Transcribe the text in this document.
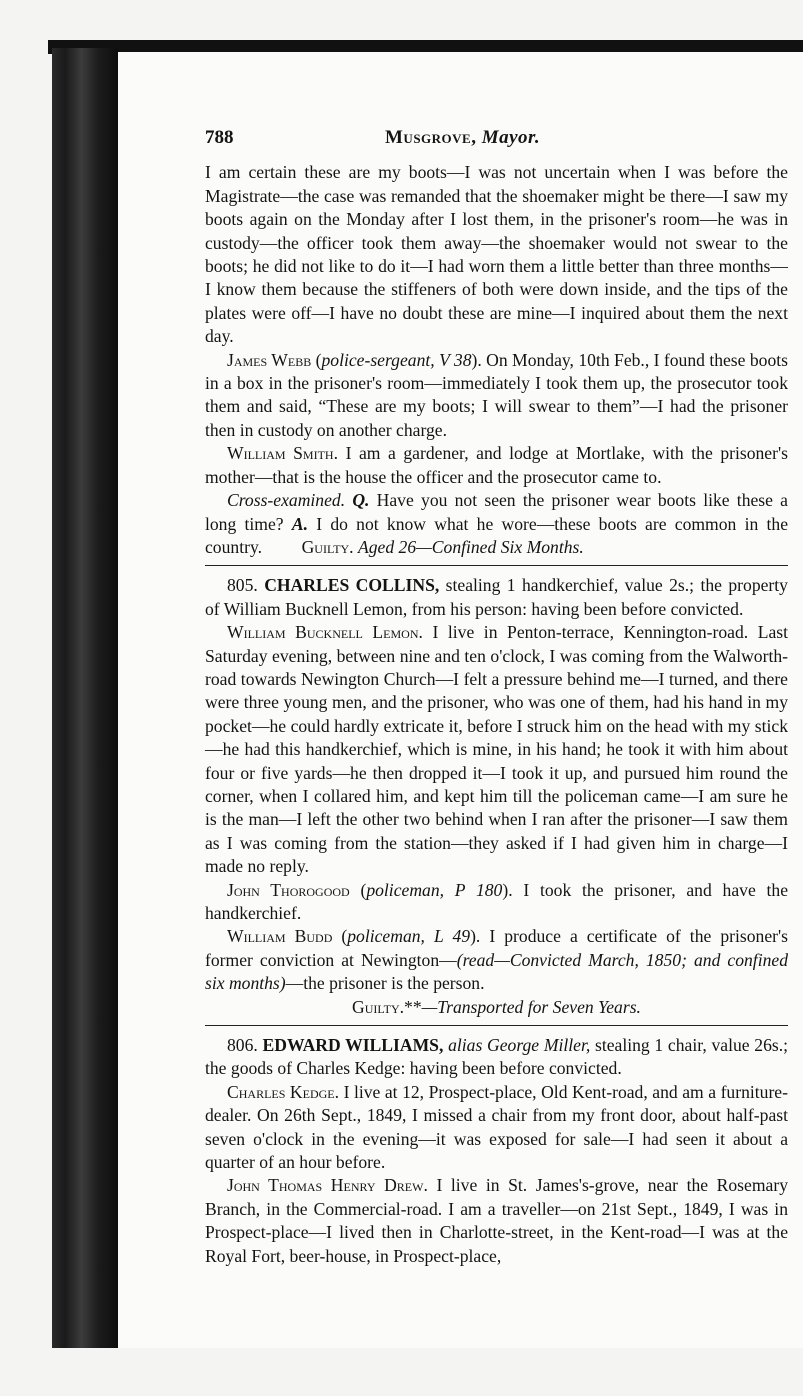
788	Musgrove, Mayor.

I am certain these are my boots—I was not uncertain when I was before the Magistrate—the case was remanded that the shoemaker might be there—I saw my boots again on the Monday after I lost them, in the prisoner's room—he was in custody—the officer took them away—the shoemaker would not swear to the boots; he did not like to do it—I had worn them a little better than three months—I know them because the stiffeners of both were down inside, and the tips of the plates were off—I have no doubt these are mine—I inquired about them the next day.

James Webb (police-sergeant, V 38). On Monday, 10th Feb., I found these boots in a box in the prisoner's room—immediately I took them up, the prosecutor took them and said, “These are my boots; I will swear to them”—I had the prisoner then in custody on another charge.

William Smith. I am a gardener, and lodge at Mortlake, with the prisoner's mother—that is the house the officer and the prosecutor came to.

Cross-examined. Q. Have you not seen the prisoner wear boots like these a long time? A. I do not know what he wore—these boots are common in the country. Guilty. Aged 26—Confined Six Months.

805. CHARLES COLLINS, stealing 1 handkerchief, value 2s.; the property of William Bucknell Lemon, from his person: having been before convicted.

William Bucknell Lemon. I live in Penton-terrace, Kennington-road. Last Saturday evening, between nine and ten o'clock, I was coming from the Walworth-road towards Newington Church—I felt a pressure behind me—I turned, and there were three young men, and the prisoner, who was one of them, had his hand in my pocket—he could hardly extricate it, before I struck him on the head with my stick—he had this handkerchief, which is mine, in his hand; he took it with him about four or five yards—he then dropped it—I took it up, and pursued him round the corner, when I collared him, and kept him till the policeman came—I am sure he is the man—I left the other two behind when I ran after the prisoner—I saw them as I was coming from the station—they asked if I had given him in charge—I made no reply.

John Thorogood (policeman, P 180). I took the prisoner, and have the handkerchief.

William Budd (policeman, L 49). I produce a certificate of the prisoner's former conviction at Newington—(read—Convicted March, 1850; and confined six months)—the prisoner is the person.

Guilty.**—Transported for Seven Years.

806. EDWARD WILLIAMS, alias George Miller, stealing 1 chair, value 26s.; the goods of Charles Kedge: having been before convicted.

Charles Kedge. I live at 12, Prospect-place, Old Kent-road, and am a furniture-dealer. On 26th Sept., 1849, I missed a chair from my front door, about half-past seven o'clock in the evening—it was exposed for sale—I had seen it about a quarter of an hour before.

John Thomas Henry Drew. I live in St. James's-grove, near the Rosemary Branch, in the Commercial-road. I am a traveller—on 21st Sept., 1849, I was in Prospect-place—I lived then in Charlotte-street, in the Kent-road—I was at the Royal Fort, beer-house, in Prospect-place,
